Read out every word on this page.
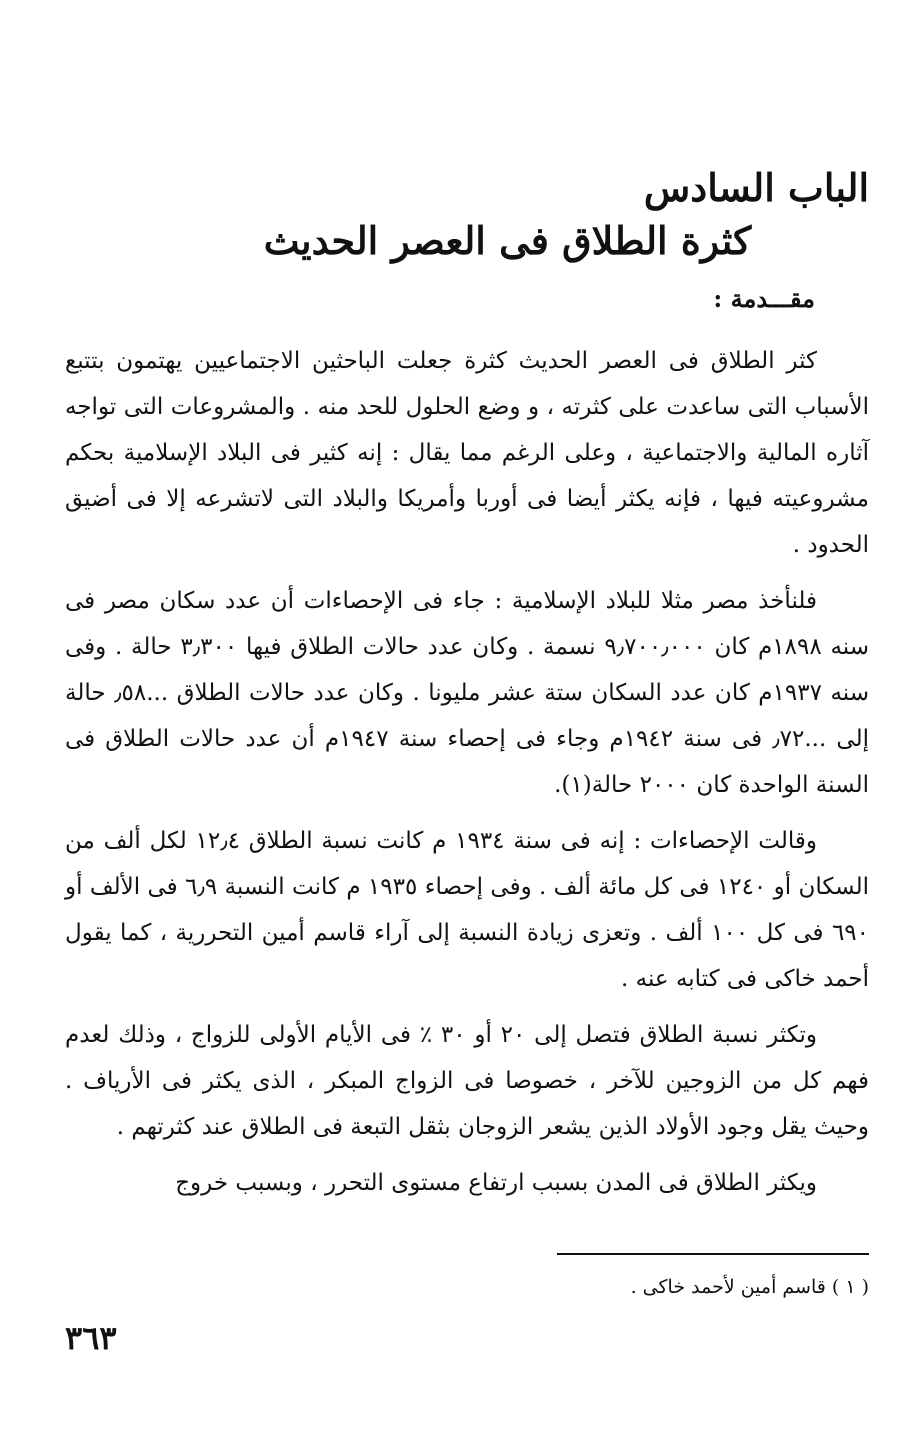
الباب السادس
كثرة الطلاق فى العصر الحديث
مقـــدمة :

كثر الطلاق فى العصر الحديث كثرة جعلت الباحثين الاجتماعيين يهتمون بتتبع الأسباب التى ساعدت على كثرته ، و وضع الحلول للحد منه . والمشروعات التى تواجه آثاره المالية والاجتماعية ، وعلى الرغم مما يقال : إنه كثير فى البلاد الإسلامية بحكم مشروعيته فيها ، فإنه يكثر أيضا فى أوربا وأمريكا والبلاد التى لاتشرعه إلا فى أضيق الحدود .

فلنأخذ مصر مثلا للبلاد الإسلامية : جاء فى الإحصاءات أن عدد سكان مصر فى سنه ١٨٩٨م كان ٩٫٧٠٠٫٠٠٠ نسمة . وكان عدد حالات الطلاق فيها ٣٫٣٠٠ حالة . وفى سنه ١٩٣٧م كان عدد السكان ستة عشر مليونا . وكان عدد حالات الطلاق ...٫٥٨ حالة إلى ...٫٧٢ فى سنة ١٩٤٢م وجاء فى إحصاء سنة ١٩٤٧م أن عدد حالات الطلاق فى السنة الواحدة كان ٢٠٠٠ حالة(١).

وقالت الإحصاءات : إنه فى سنة ١٩٣٤ م كانت نسبة الطلاق ١٢٫٤ لكل ألف من السكان أو ١٢٤٠ فى كل مائة ألف . وفى إحصاء ١٩٣٥ م كانت النسبة ٦٫٩ فى الألف أو ٦٩٠ فى كل ١٠٠ ألف . وتعزى زيادة النسبة إلى آراء قاسم أمين التحررية ، كما يقول أحمد خاكى فى كتابه عنه .

وتكثر نسبة الطلاق فتصل إلى ٢٠ أو ٣٠ ٪ فى الأيام الأولى للزواج ، وذلك لعدم فهم كل من الزوجين للآخر ، خصوصا فى الزواج المبكر ، الذى يكثر فى الأرياف . وحيث يقل وجود الأولاد الذين يشعر الزوجان بثقل التبعة فى الطلاق عند كثرتهم .

ويكثر الطلاق فى المدن بسبب ارتفاع مستوى التحرر ، وبسبب خروج

( ١ ) قاسم أمين لأحمد خاكى .

٣٦٣
